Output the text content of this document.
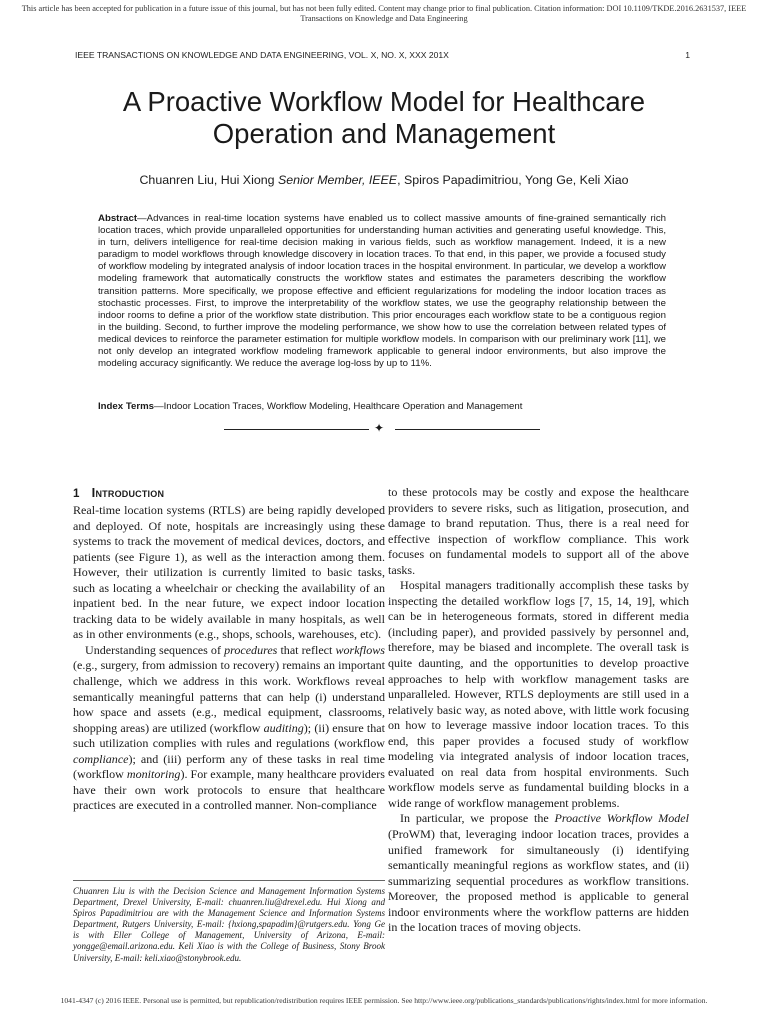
This article has been accepted for publication in a future issue of this journal, but has not been fully edited. Content may change prior to final publication. Citation information: DOI 10.1109/TKDE.2016.2631537, IEEE
Transactions on Knowledge and Data Engineering
IEEE TRANSACTIONS ON KNOWLEDGE AND DATA ENGINEERING, VOL. X, NO. X, XXX 201X	1
A Proactive Workflow Model for Healthcare
Operation and Management
Chuanren Liu, Hui Xiong Senior Member, IEEE, Spiros Papadimitriou, Yong Ge, Keli Xiao
Abstract—Advances in real-time location systems have enabled us to collect massive amounts of fine-grained semantically rich location traces, which provide unparalleled opportunities for understanding human activities and generating useful knowledge. This, in turn, delivers intelligence for real-time decision making in various fields, such as workflow management. Indeed, it is a new paradigm to model workflows through knowledge discovery in location traces. To that end, in this paper, we provide a focused study of workflow modeling by integrated analysis of indoor location traces in the hospital environment. In particular, we develop a workflow modeling framework that automatically constructs the workflow states and estimates the parameters describing the workflow transition patterns. More specifically, we propose effective and efficient regularizations for modeling the indoor location traces as stochastic processes. First, to improve the interpretability of the workflow states, we use the geography relationship between the indoor rooms to define a prior of the workflow state distribution. This prior encourages each workflow state to be a contiguous region in the building. Second, to further improve the modeling performance, we show how to use the correlation between related types of medical devices to reinforce the parameter estimation for multiple workflow models. In comparison with our preliminary work [11], we not only develop an integrated workflow modeling framework applicable to general indoor environments, but also improve the modeling accuracy significantly. We reduce the average log-loss by up to 11%.
Index Terms—Indoor Location Traces, Workflow Modeling, Healthcare Operation and Management
✦
1 Introduction

Real-time location systems (RTLS) are being rapidly developed and deployed. Of note, hospitals are increasingly using these systems to track the movement of medical devices, doctors, and patients (see Figure 1), as well as the interaction among them. However, their utilization is currently limited to basic tasks, such as locating a wheelchair or checking the availability of an inpatient bed. In the near future, we expect indoor location tracking data to be widely available in many hospitals, as well as in other environments (e.g., shops, schools, warehouses, etc).

Understanding sequences of procedures that reflect workflows (e.g., surgery, from admission to recovery) remains an important challenge, which we address in this work. Workflows reveal semantically meaningful patterns that can help (i) understand how space and assets (e.g., medical equipment, classrooms, shopping areas) are utilized (workflow auditing); (ii) ensure that such utilization complies with rules and regulations (workflow compliance); and (iii) perform any of these tasks in real time (workflow monitoring). For example, many healthcare providers have their own work protocols to ensure that healthcare practices are executed in a controlled manner. Non-compliance

Chuanren Liu is with the Decision Science and Management Information Systems Department, Drexel University, E-mail: chuanren.liu@drexel.edu. Hui Xiong and Spiros Papadimitriou are with the Management Science and Information Systems Department, Rutgers University, E-mail: {hxiong,spapadim}@rutgers.edu. Yong Ge is with Eller College of Management, University of Arizona, E-mail: yongge@email.arizona.edu. Keli Xiao is with the College of Business, Stony Brook University, E-mail: keli.xiao@stonybrook.edu.

to these protocols may be costly and expose the healthcare providers to severe risks, such as litigation, prosecution, and damage to brand reputation. Thus, there is a real need for effective inspection of workflow compliance. This work focuses on fundamental models to support all of the above tasks.

Hospital managers traditionally accomplish these tasks by inspecting the detailed workflow logs [7, 15, 14, 19], which can be in heterogeneous formats, stored in different media (including paper), and provided passively by personnel and, therefore, may be biased and incomplete. The overall task is quite daunting, and the opportunities to develop proactive approaches to help with workflow management tasks are unparalleled. However, RTLS deployments are still used in a relatively basic way, as noted above, with little work focusing on how to leverage massive indoor location traces. To this end, this paper provides a focused study of workflow modeling via integrated analysis of indoor location traces, evaluated on real data from hospital environments. Such workflow models serve as fundamental building blocks in a wide range of workflow management problems.

In particular, we propose the Proactive Workflow Model (ProWM) that, leveraging indoor location traces, provides a unified framework for simultaneously (i) identifying semantically meaningful regions as workflow states, and (ii) summarizing sequential procedures as workflow transitions. Moreover, the proposed method is applicable to general indoor environments where the workflow patterns are hidden in the location traces of moving objects.

1041-4347 (c) 2016 IEEE. Personal use is permitted, but republication/redistribution requires IEEE permission. See http://www.ieee.org/publications_standards/publications/rights/index.html for more information.
